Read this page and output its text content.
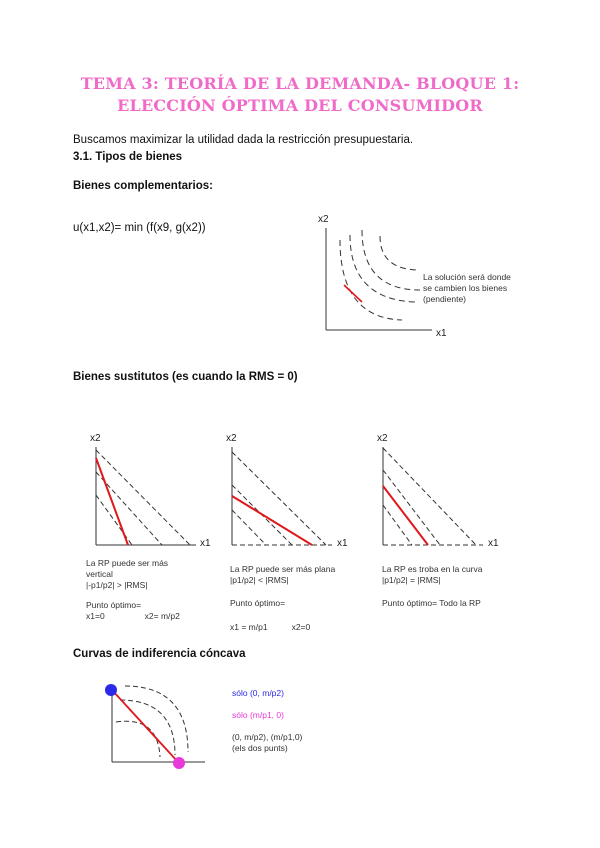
TEMA 3: TEORÍA DE LA DEMANDA- BLOQUE 1:
ELECCIÓN ÓPTIMA DEL CONSUMIDOR
Buscamos maximizar la utilidad dada la restricción presupuestaria.
3.1. Tipos de bienes
Bienes complementarios:
u(x1,x2)= min (f(x9, g(x2))
x2
x1
La solución será donde
se cambien los bienes
(pendiente)
Bienes sustitutos (es cuando la RMS = 0)
x2
x1
x2
x1
x2
x1
La RP puede ser más
vertical
|-p1/p2| > |RMS|
Punto óptimo=
x1=0	x2= m/p2
La RP puede ser más plana
|p1/p2| < |RMS|
Punto óptimo=
x1 = m/p1	x2=0
La RP es troba en la curva
|p1/p2| = |RMS|
Punto óptimo= Todo la RP
Curvas de indiferencia cóncava
sólo (0, m/p2)
sólo (m/p1, 0)
(0, m/p2), (m/p1,0)
(els dos punts)
